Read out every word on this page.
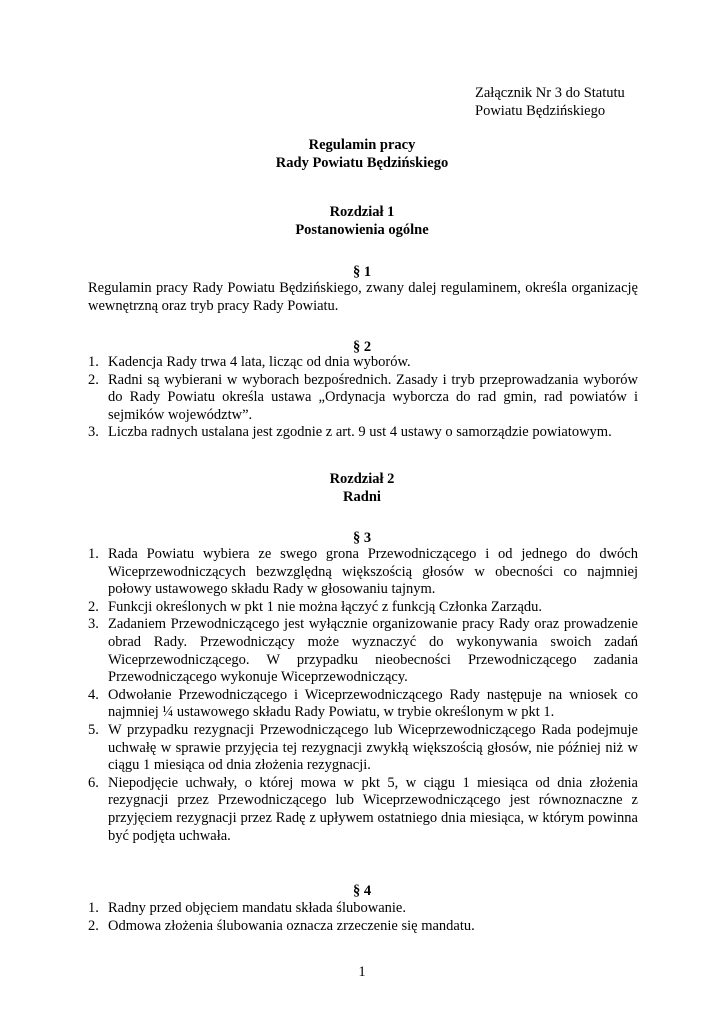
Załącznik Nr 3 do Statutu
Powiatu Będzińskiego
Regulamin pracy
Rady Powiatu Będzińskiego
Rozdział 1
Postanowienia ogólne
§ 1
Regulamin pracy Rady Powiatu Będzińskiego, zwany dalej regulaminem, określa organizację wewnętrzną oraz tryb pracy Rady Powiatu.
§ 2
1. Kadencja Rady trwa 4 lata, licząc od dnia wyborów.
2. Radni są wybierani w wyborach bezpośrednich. Zasady i tryb przeprowadzania wyborów do Rady Powiatu określa ustawa „Ordynacja wyborcza do rad gmin, rad powiatów i sejmików województw”.
3. Liczba radnych ustalana jest zgodnie z art. 9 ust 4 ustawy o samorządzie powiatowym.
Rozdział 2
Radni
§ 3
1. Rada Powiatu wybiera ze swego grona Przewodniczącego i od jednego do dwóch Wiceprzewodniczących bezwzględną większością głosów w obecności co najmniej połowy ustawowego składu Rady w głosowaniu tajnym.
2. Funkcji określonych w pkt 1 nie można łączyć z funkcją Członka Zarządu.
3. Zadaniem Przewodniczącego jest wyłącznie organizowanie pracy Rady oraz prowadzenie obrad Rady. Przewodniczący może wyznaczyć do wykonywania swoich zadań Wiceprzewodniczącego. W przypadku nieobecności Przewodniczącego zadania Przewodniczącego wykonuje Wiceprzewodniczący.
4. Odwołanie Przewodniczącego i Wiceprzewodniczącego Rady następuje na wniosek co najmniej ¼ ustawowego składu Rady Powiatu, w trybie określonym w pkt 1.
5. W przypadku rezygnacji Przewodniczącego lub Wiceprzewodniczącego Rada podejmuje uchwałę w sprawie przyjęcia tej rezygnacji zwykłą większością głosów, nie później niż w ciągu 1 miesiąca od dnia złożenia rezygnacji.
6. Niepodjęcie uchwały, o której mowa w pkt 5, w ciągu 1 miesiąca od dnia złożenia rezygnacji przez Przewodniczącego lub Wiceprzewodniczącego jest równoznaczne z przyjęciem rezygnacji przez Radę z upływem ostatniego dnia miesiąca, w którym powinna być podjęta uchwała.
§ 4
1. Radny przed objęciem mandatu składa ślubowanie.
2. Odmowa złożenia ślubowania oznacza zrzeczenie się mandatu.
1
